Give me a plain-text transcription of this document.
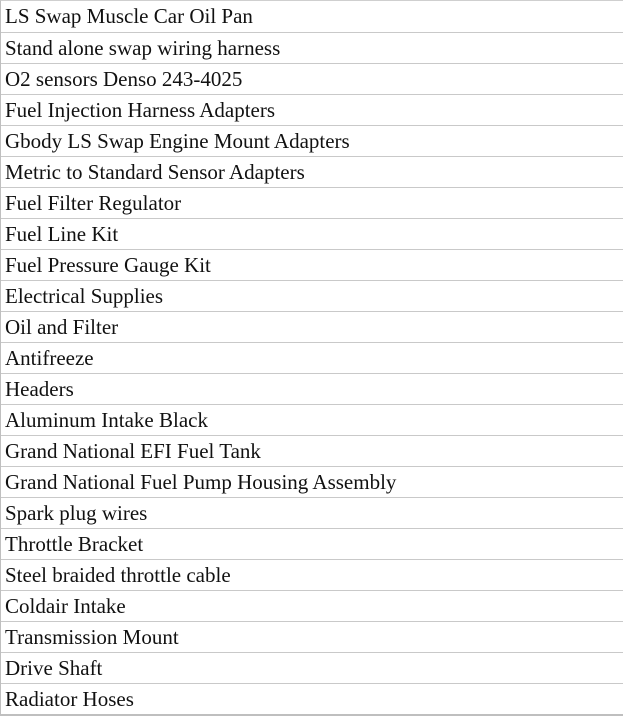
LS Swap Muscle Car Oil Pan
Stand alone swap wiring harness
O2 sensors Denso 243-4025
Fuel Injection Harness Adapters
Gbody LS Swap Engine Mount Adapters
Metric to Standard Sensor Adapters
Fuel Filter Regulator
Fuel Line Kit
Fuel Pressure Gauge Kit
Electrical Supplies
Oil and Filter
Antifreeze
Headers
Aluminum Intake Black
Grand National EFI Fuel Tank
Grand National Fuel Pump Housing Assembly
Spark plug wires
Throttle Bracket
Steel braided throttle cable
Coldair Intake
Transmission Mount
Drive Shaft
Radiator Hoses
